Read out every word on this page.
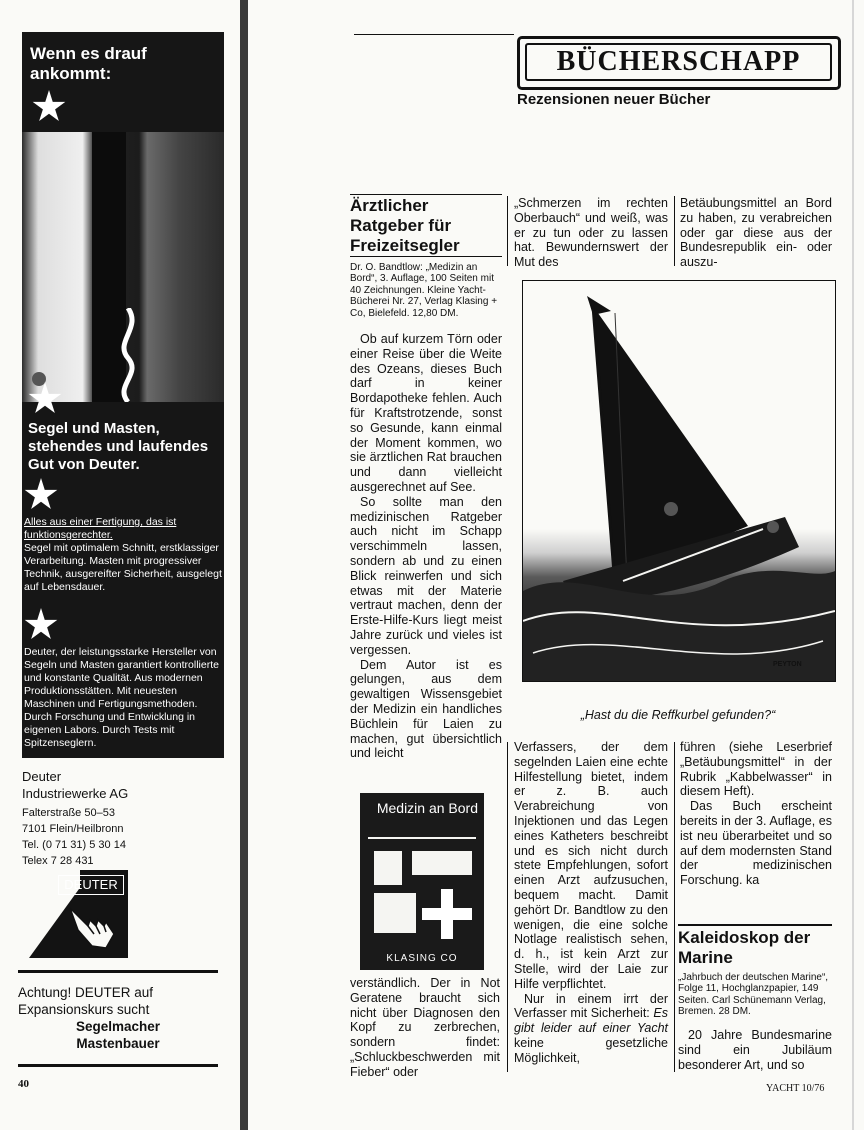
Wenn es drauf ankommt:
Segel und Masten, stehendes und laufendes Gut von Deuter.
Alles aus einer Fertigung, das ist funktionsgerechter.
Segel mit optimalem Schnitt, erstklassiger Verarbeitung. Masten mit progressiver Technik, ausgereifter Sicherheit, ausgelegt auf Lebensdauer.
Deuter, der leistungsstarke Hersteller von Segeln und Masten garantiert kontrollierte und konstante Qualität. Aus modernen Produktionsstätten. Mit neuesten Maschinen und Fertigungsmethoden. Durch Forschung und Entwicklung in eigenen Labors. Durch Tests mit Spitzenseglern.
Deuter
Industriewerke AG
Falterstraße 50–53
7101 Flein/Heilbronn
Tel. (0 71 31) 5 30 14
Telex 7 28 431
DEUTER
Achtung! DEUTER auf Expansionskurs sucht
Segelmacher
Mastenbauer
40
BÜCHERSCHAPP
Rezensionen neuer Bücher
Ärztlicher Ratgeber für Freizeitsegler
Dr. O. Bandtlow: „Medizin an Bord“, 3. Auflage, 100 Seiten mit 40 Zeichnungen. Kleine Yacht-Bücherei Nr. 27, Verlag Klasing + Co, Bielefeld. 12,80 DM.

Ob auf kurzem Törn oder einer Reise über die Weite des Ozeans, dieses Buch darf in keiner Bordapotheke fehlen. Auch für Kraftstrotzende, sonst so Gesunde, kann einmal der Moment kommen, wo sie ärztlichen Rat brauchen und dann vielleicht ausgerechnet auf See.

So sollte man den medizinischen Ratgeber auch nicht im Schapp verschimmeln lassen, sondern ab und zu einen Blick reinwerfen und sich etwas mit der Materie vertraut machen, denn der Erste-Hilfe-Kurs liegt meist Jahre zurück und vieles ist vergessen.

Dem Autor ist es gelungen, aus dem gewaltigen Wissensgebiet der Medizin ein handliches Büchlein für Laien zu machen, gut übersichtlich und leicht

Medizin an Bord
KLASING CO

verständlich. Der in Not Geratene braucht sich nicht über Diagnosen den Kopf zu zerbrechen, sondern findet: „Schluckbeschwerden mit Fieber“ oder

„Schmerzen im rechten Oberbauch“ und weiß, was er zu tun oder zu lassen hat. Bewundernswert der Mut des

Betäubungsmittel an Bord zu haben, zu verabreichen oder gar diese aus der Bundesrepublik ein- oder auszu-

PEYTON
„Hast du die Reffkurbel gefunden?“

Verfassers, der dem segelnden Laien eine echte Hilfestellung bietet, indem er z. B. auch Verabreichung von Injektionen und das Legen eines Katheters beschreibt und es sich nicht durch stete Empfehlungen, sofort einen Arzt aufzusuchen, bequem macht. Damit gehört Dr. Bandtlow zu den wenigen, die eine solche Notlage realistisch sehen, d. h., ist kein Arzt zur Stelle, wird der Laie zur Hilfe verpflichtet.

Nur in einem irrt der Verfasser mit Sicherheit: Es gibt leider auf einer Yacht keine gesetzliche Möglichkeit,

führen (siehe Leserbrief „Betäubungsmittel“ in der Rubrik „Kabbelwasser“ in diesem Heft).

Das Buch erscheint bereits in der 3. Auflage, es ist neu überarbeitet und so auf dem modernsten Stand der medizinischen Forschung. ka

Kaleidoskop der Marine
„Jahrbuch der deutschen Marine“, Folge 11, Hochglanzpapier, 149 Seiten. Carl Schünemann Verlag, Bremen. 28 DM.

20 Jahre Bundesmarine sind ein Jubiläum besonderer Art, und so

YACHT 10/76
